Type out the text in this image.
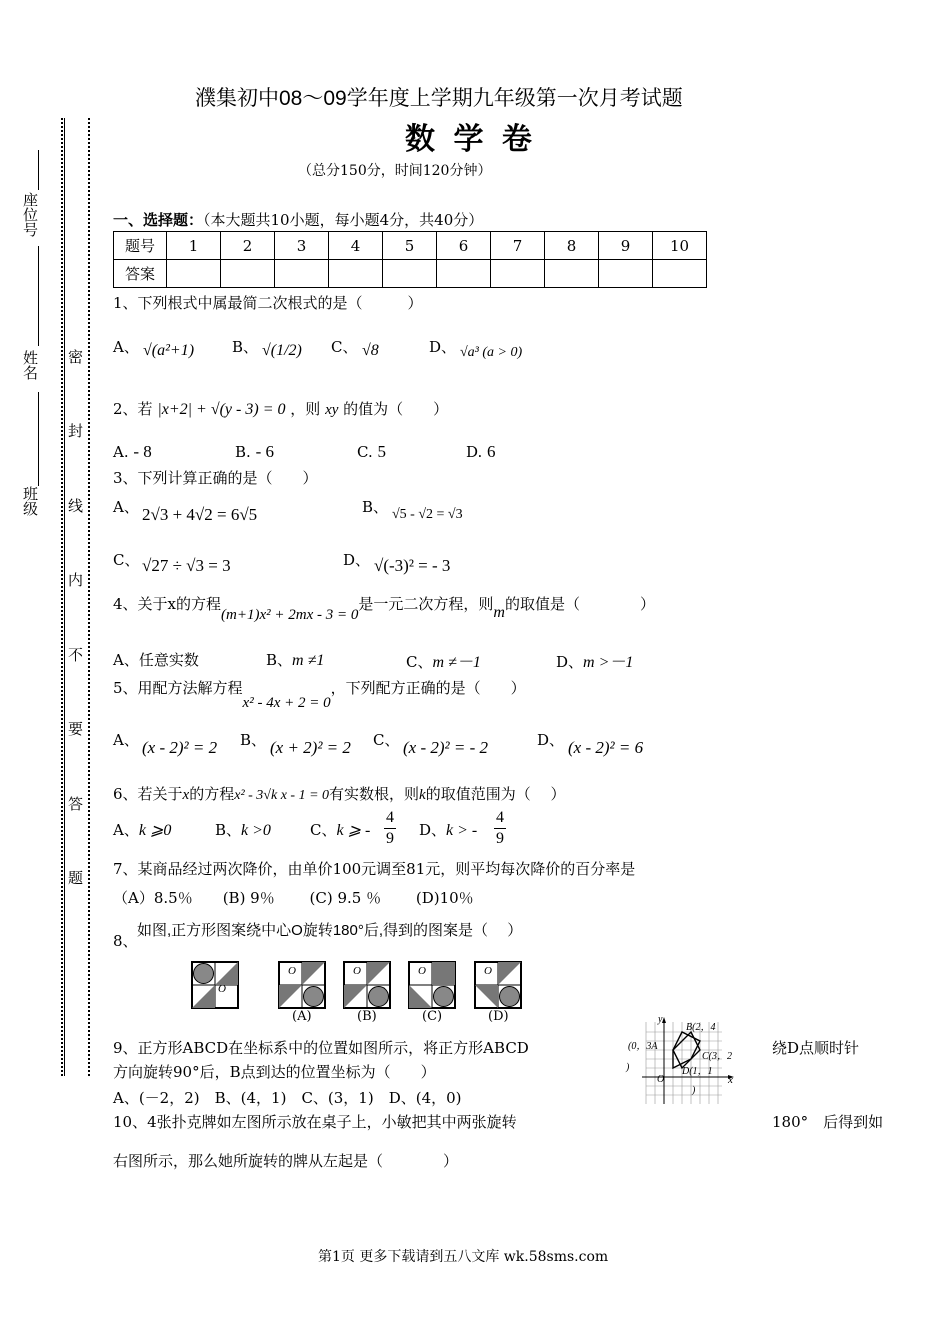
座位号
姓名
班级
密
封
线
内
不
要
答
题
濮集初中08～09学年度上学期九年级第一次月考试题
数 学 卷
（总分150分，时间120分钟）
一、选择题：（本大题共10小题，每小题4分，共40分）
题号	1	2	3	4	5	6	7	8	9	10
答案										
1、下列根式中属最简二次根式的是（　　　）
A、 √(a²+1)	B、 √(1/2) C、 √8	D、 √a³ (a > 0)
2、若 |x+2| + √(y - 3) = 0 ，则 xy 的值为（　　）
A. - 8	B. - 6	C. 5	D. 6
3、下列计算正确的是（　　）
A、 2√3 + 4√2 = 6√5	B、 √5 - √2 = √3
C、 √27 ÷ √3 = 3	D、 √(-3)² = - 3
4、关于x的方程(m+1)x² + 2mx - 3 = 0是一元二次方程，则m的取值是（　　　　）
A、任意实数	B、m ≠1	C、m ≠－1	D、m >－1
5、用配方法解方程x² - 4x + 2 = 0，下列配方正确的是（　　）
A、 (x - 2)² = 2 B、 (x + 2)² = 2 C、 (x - 2)² = - 2	D、 (x - 2)² = 6
6、若关于x的方程x² - 3√k x - 1 = 0有实数根，则k的取值范围为（　 ）
A、k ⩾0	B、k >0	C、k ⩾ -
4
9 D、k > -
4
9
7、某商品经过两次降价，由单价100元调至81元，则平均每次降价的百分率是
（A）8.5％　　(B) 9％　　 (C) 9.5 ％　　 (D)10％
8、
如图,正方形图案绕中心O旋转180°后,得到的图案是（　 ）
O
O
(A)
O
(B)
O
(C)
O
(D)
9、正方形ABCD在坐标系中的位置如图所示，将正方形ABCD	绕D点顺时针
方向旋转90°后，B点到达的位置坐标为（　　）
A、(－2，2)　B、(4，1)　C、(3，1)　D、(4，0)
y
B(2，4
(0，3A
C(3，2
D(1，1
O	x
)
)
10、4张扑克牌如左图所示放在桌子上，小敏把其中两张旋转	180°　后得到如
右图所示，那么她所旋转的牌从左起是（　　　　）
第1页 更多下载请到五八文库 wk.58sms.com
